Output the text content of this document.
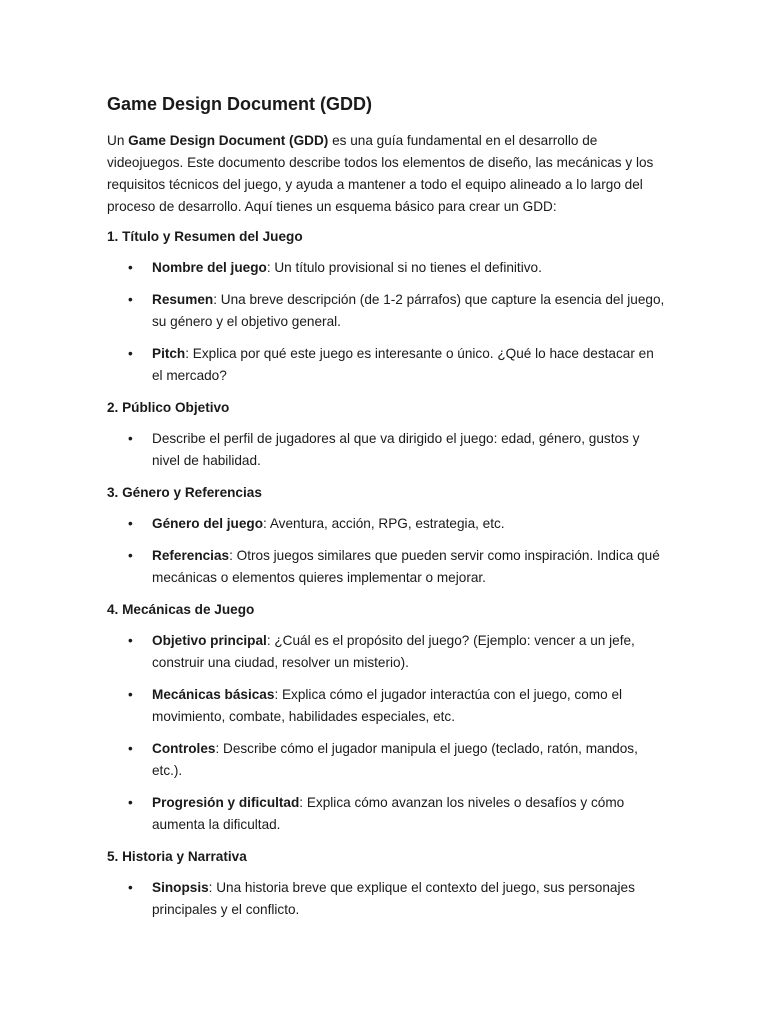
Game Design Document (GDD)

Un Game Design Document (GDD) es una guía fundamental en el desarrollo de videojuegos. Este documento describe todos los elementos de diseño, las mecánicas y los requisitos técnicos del juego, y ayuda a mantener a todo el equipo alineado a lo largo del proceso de desarrollo. Aquí tienes un esquema básico para crear un GDD:

1. Título y Resumen del Juego
• Nombre del juego: Un título provisional si no tienes el definitivo.
• Resumen: Una breve descripción (de 1-2 párrafos) que capture la esencia del juego, su género y el objetivo general.
• Pitch: Explica por qué este juego es interesante o único. ¿Qué lo hace destacar en el mercado?
2. Público Objetivo
• Describe el perfil de jugadores al que va dirigido el juego: edad, género, gustos y nivel de habilidad.
3. Género y Referencias
• Género del juego: Aventura, acción, RPG, estrategia, etc.
• Referencias: Otros juegos similares que pueden servir como inspiración. Indica qué mecánicas o elementos quieres implementar o mejorar.
4. Mecánicas de Juego
• Objetivo principal: ¿Cuál es el propósito del juego? (Ejemplo: vencer a un jefe, construir una ciudad, resolver un misterio).
• Mecánicas básicas: Explica cómo el jugador interactúa con el juego, como el movimiento, combate, habilidades especiales, etc.
• Controles: Describe cómo el jugador manipula el juego (teclado, ratón, mandos, etc.).
• Progresión y dificultad: Explica cómo avanzan los niveles o desafíos y cómo aumenta la dificultad.
5. Historia y Narrativa
• Sinopsis: Una historia breve que explique el contexto del juego, sus personajes principales y el conflicto.
